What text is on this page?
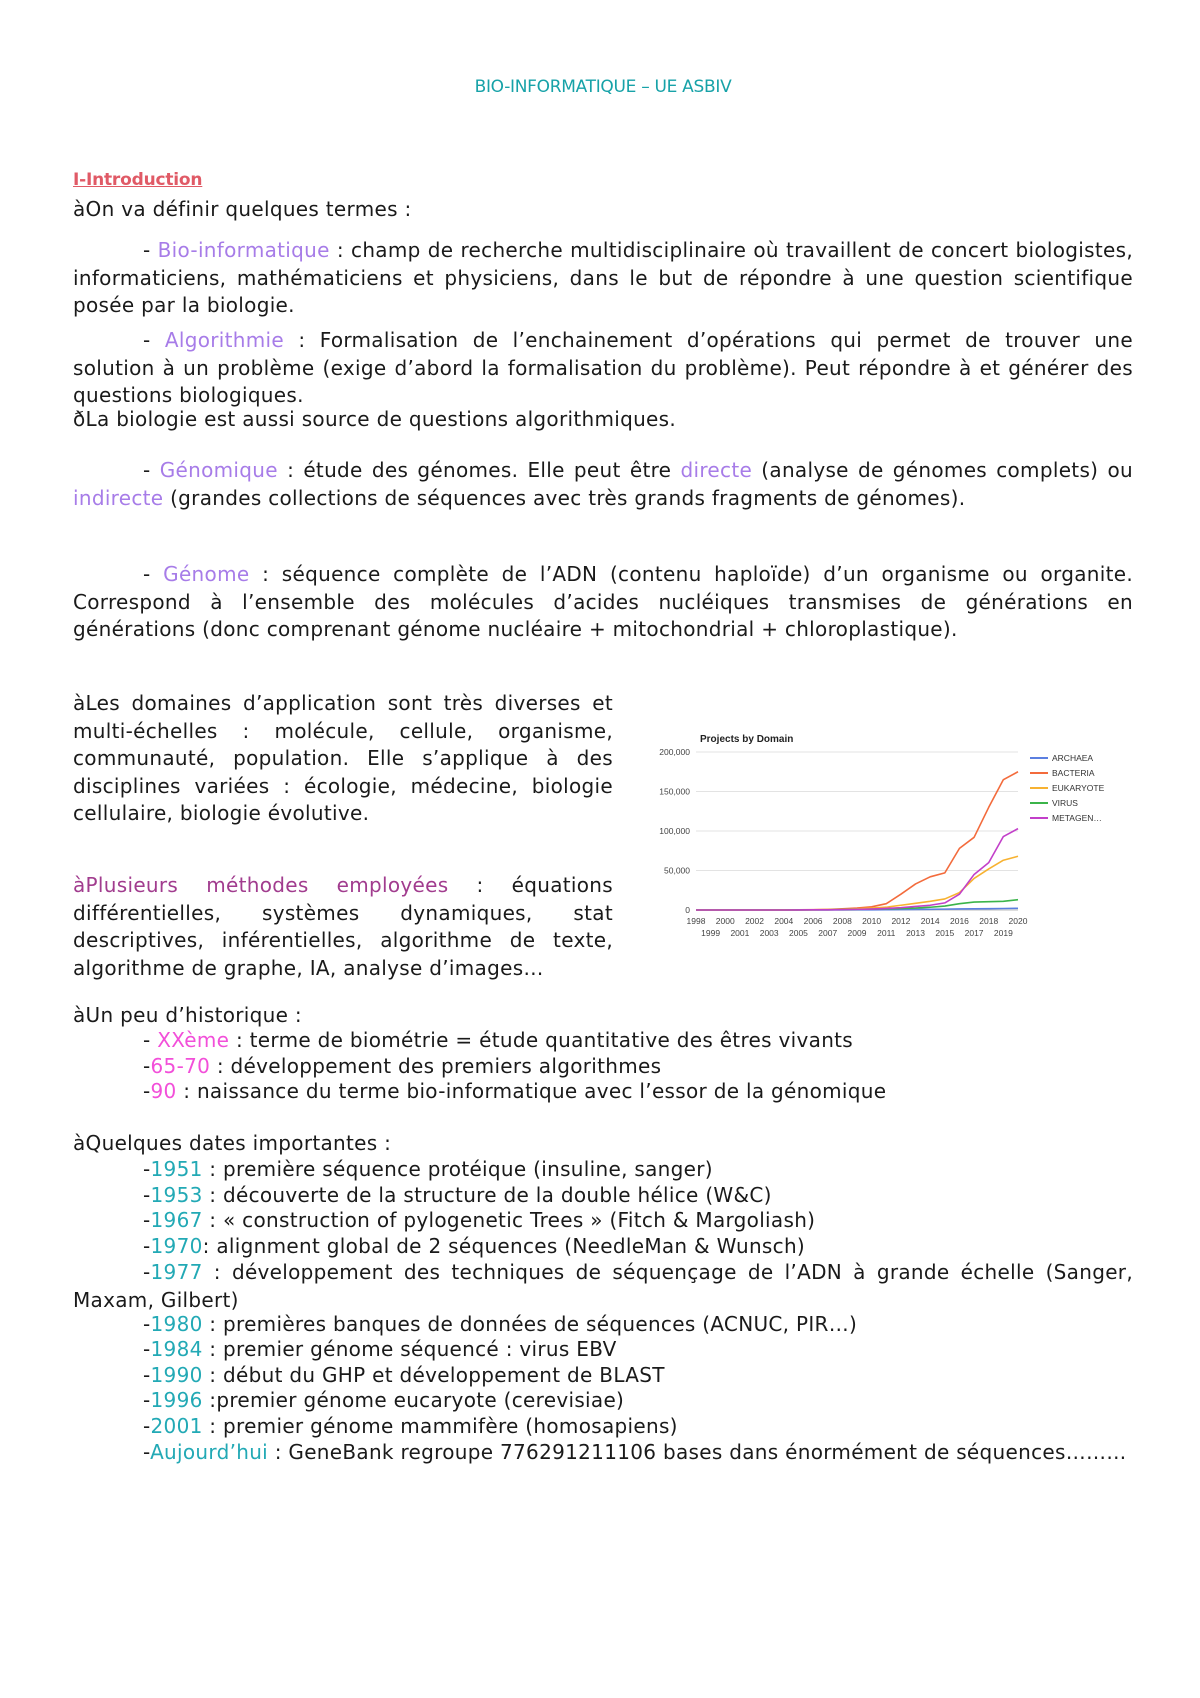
BIO-INFORMATIQUE – UE ASBIV
I-Introduction
àOn va définir quelques termes :
- Bio-informatique : champ de recherche multidisciplinaire où travaillent de concert biologistes, informaticiens, mathématiciens et physiciens, dans le but de répondre à une question scientifique posée par la biologie.
- Algorithmie : Formalisation de l’enchainement d’opérations qui permet de trouver une solution à un problème (exige d’abord la formalisation du problème). Peut répondre à et générer des questions biologiques.
ðLa biologie est aussi source de questions algorithmiques.
- Génomique : étude des génomes. Elle peut être directe (analyse de génomes complets) ou indirecte (grandes collections de séquences avec très grands fragments de génomes).
- Génome : séquence complète de l’ADN (contenu haploïde) d’un organisme ou organite. Correspond à l’ensemble des molécules d’acides nucléiques transmises de générations en générations (donc comprenant génome nucléaire + mitochondrial + chloroplastique).
àLes domaines d’application sont très diverses et multi-échelles : molécule, cellule, organisme, communauté, population. Elle s’applique à des disciplines variées : écologie, médecine, biologie cellulaire, biologie évolutive.
àPlusieurs méthodes employées : équations différentielles, systèmes dynamiques, stat descriptives, inférentielles, algorithme de texte, algorithme de graphe, IA, analyse d’images…
Projects by Domain
0
50,000
100,000
150,000
200,000
1998 2000 2002 2004 2006 2008 2010 2012 2014 2016 2018 2020
1999 2001 2003 2005 2007 2009 2011 2013 2015 2017 2019
ARCHAEA
BACTERIA
EUKARYOTE
VIRUS
METAGEN…
àUn peu d’historique :
- XXème : terme de biométrie = étude quantitative des êtres vivants
-65-70 : développement des premiers algorithmes
-90 : naissance du terme bio-informatique avec l’essor de la génomique
àQuelques dates importantes :
-1951 : première séquence protéique (insuline, sanger)
-1953 : découverte de la structure de la double hélice (W&C)
-1967 : « construction of pylogenetic Trees » (Fitch & Margoliash)
-1970: alignment global de 2 séquences (NeedleMan & Wunsch)
-1977 : développement des techniques de séquençage de l’ADN à grande échelle (Sanger, Maxam, Gilbert)
-1980 : premières banques de données de séquences (ACNUC, PIR…)
-1984 : premier génome séquencé : virus EBV
-1990 : début du GHP et développement de BLAST
-1996 :premier génome eucaryote (cerevisiae)
-2001 : premier génome mammifère (homosapiens)
-Aujourd’hui : GeneBank regroupe 776291211106 bases dans énormément de séquences………
